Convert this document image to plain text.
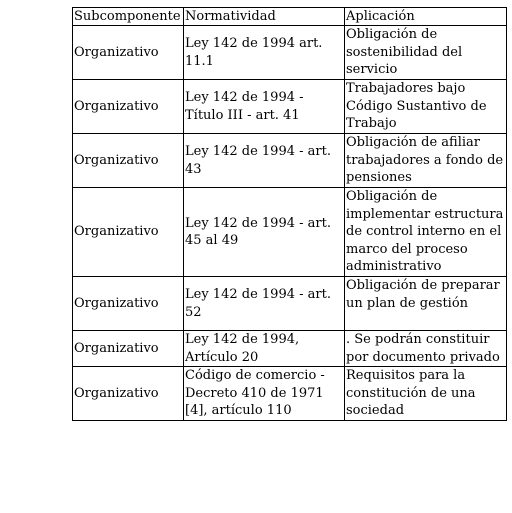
Subcomponente	Normatividad	Aplicación
Organizativo	Ley 142 de 1994 art. 11.1	Obligación de sostenibilidad del servicio
Organizativo	Ley 142 de 1994 - Título III - art. 41	Trabajadores bajo Código Sustantivo de Trabajo
Organizativo	Ley 142 de 1994 - art. 43	Obligación de afiliar trabajadores a fondo de pensiones
Organizativo	Ley 142 de 1994 - art. 45 al 49	Obligación de implementar estructura de control interno en el marco del proceso administrativo
Organizativo	Ley 142 de 1994 - art. 52	Obligación de preparar un plan de gestión
Organizativo	Ley 142 de 1994, Artículo 20	. Se podrán constituir por documento privado
Organizativo	Código de comercio - Decreto 410 de 1971 [4], artículo 110	Requisitos para la constitución de una sociedad
